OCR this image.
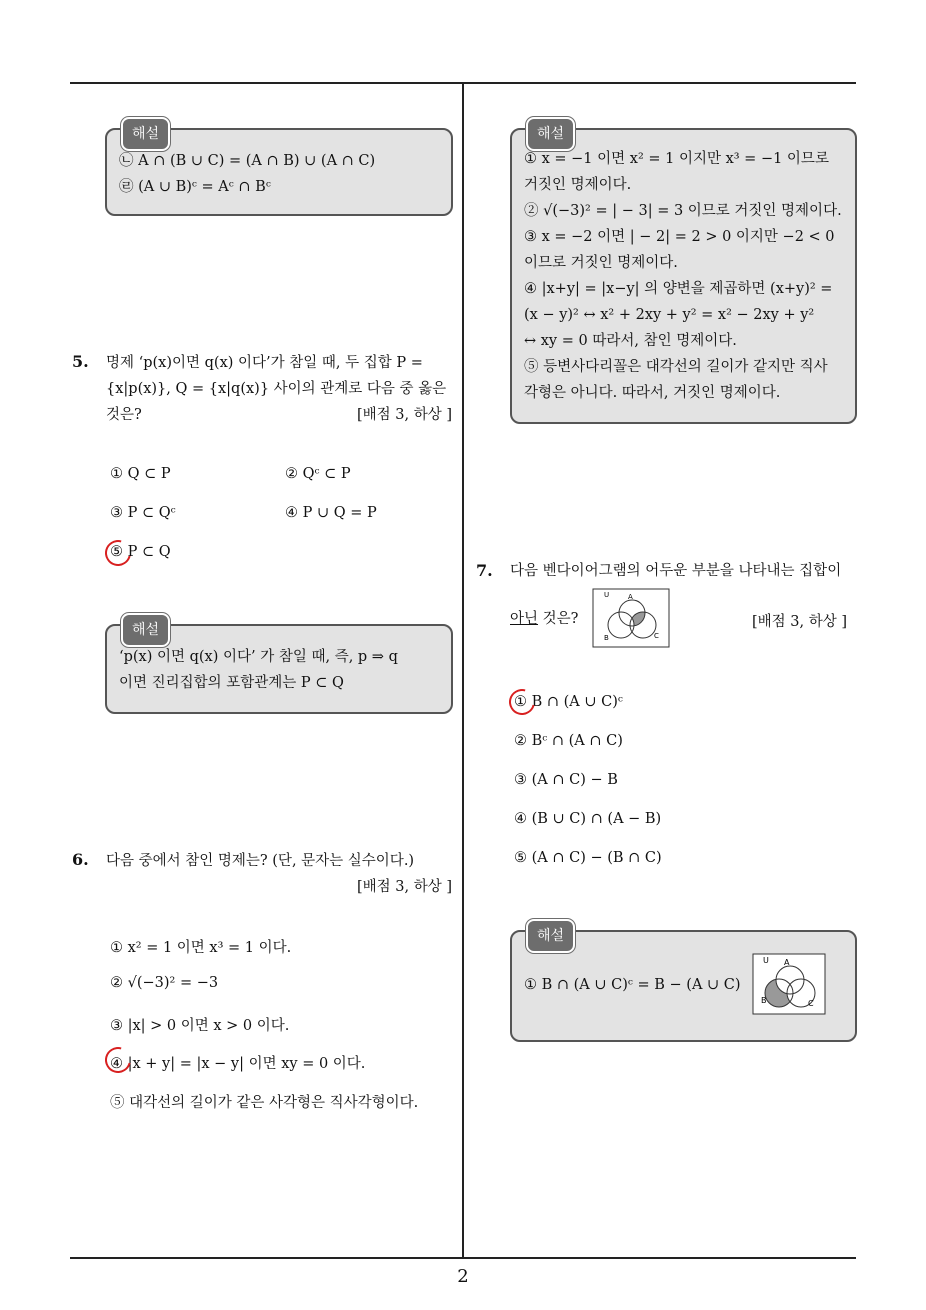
해설
㉡ A ∩ (B ∪ C) = (A ∩ B) ∪ (A ∩ C)
㉣ (A ∪ B)ᶜ = Aᶜ ∩ Bᶜ
5. 명제 ‘p(x)이면 q(x) 이다’가 참일 때, 두 집합 P = {x|p(x)}, Q = {x|q(x)} 사이의 관계로 다음 중 옳은 것은?	[배점 3, 하상 ]
① Q ⊂ P	② Qᶜ ⊂ P
③ P ⊂ Qᶜ	④ P ∪ Q = P
⑤ P ⊂ Q
해설
‘p(x) 이면 q(x) 이다’ 가 참일 때, 즉, p ⇒ q
이면 진리집합의 포함관계는 P ⊂ Q
6. 다음 중에서 참인 명제는? (단, 문자는 실수이다.)
[배점 3, 하상 ]
① x² = 1 이면 x³ = 1 이다.
② √(−3)² = −3
③ |x| > 0 이면 x > 0 이다.
④ |x + y| = |x − y| 이면 xy = 0 이다.
⑤ 대각선의 길이가 같은 사각형은 직사각형이다.
해설
① x = −1 이면 x² = 1 이지만 x³ = −1 이므로
거짓인 명제이다.
② √(−3)² = | − 3| = 3 이므로 거짓인 명제이다.
③ x = −2 이면 | − 2| = 2 > 0 이지만 −2 < 0
이므로 거짓인 명제이다.
④ |x+y| = |x−y| 의 양변을 제곱하면 (x+y)² =
(x − y)² ↔ x² + 2xy + y² = x² − 2xy + y²
↔ xy = 0 따라서, 참인 명제이다.
⑤ 등변사다리꼴은 대각선의 길이가 같지만 직사
각형은 아니다. 따라서, 거짓인 명제이다.
7. 다음 벤다이어그램의 어두운 부분을 나타내는 집합이
아닌 것은?	[배점 3, 하상 ]
U	A
B	C
① B ∩ (A ∪ C)ᶜ
② Bᶜ ∩ (A ∩ C)
③ (A ∩ C) − B
④ (B ∪ C) ∩ (A − B)
⑤ (A ∩ C) − (B ∩ C)
해설
① B ∩ (A ∪ C)ᶜ = B − (A ∪ C)
U A
B	C
2
